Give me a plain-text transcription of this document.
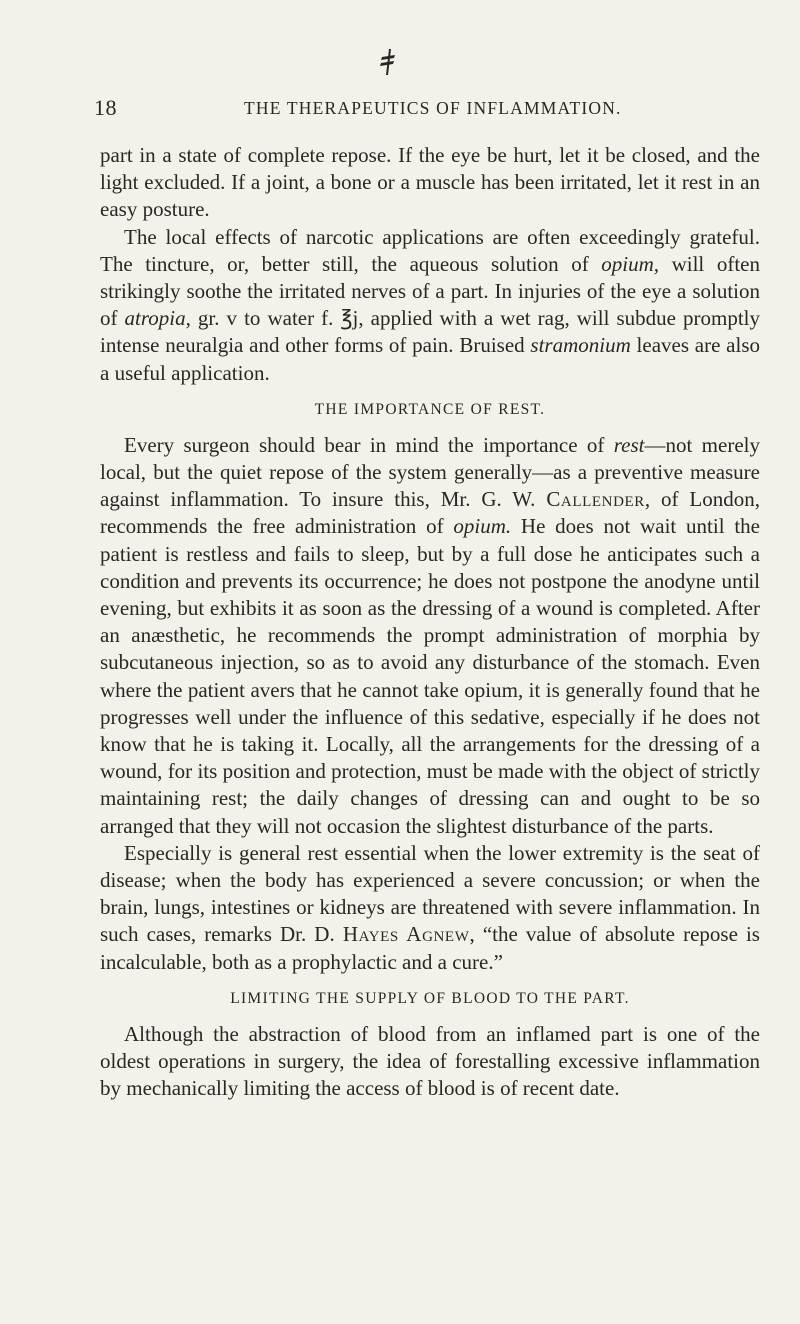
18	THE THERAPEUTICS OF INFLAMMATION.

part in a state of complete repose. If the eye be hurt, let it be closed, and the light excluded. If a joint, a bone or a muscle has been irritated, let it rest in an easy posture.

The local effects of narcotic applications are often exceedingly grateful. The tincture, or, better still, the aqueous solution of opium, will often strikingly soothe the irritated nerves of a part. In injuries of the eye a solution of atropia, gr. v to water f. ℥j, applied with a wet rag, will subdue promptly intense neuralgia and other forms of pain. Bruised stramonium leaves are also a useful application.

THE IMPORTANCE OF REST.

Every surgeon should bear in mind the importance of rest—not merely local, but the quiet repose of the system generally—as a preventive measure against inflammation. To insure this, Mr. G. W. Callender, of London, recommends the free administration of opium. He does not wait until the patient is restless and fails to sleep, but by a full dose he anticipates such a condition and prevents its occurrence; he does not postpone the anodyne until evening, but exhibits it as soon as the dressing of a wound is completed. After an anæsthetic, he recommends the prompt administration of morphia by subcutaneous injection, so as to avoid any disturbance of the stomach. Even where the patient avers that he cannot take opium, it is generally found that he progresses well under the influence of this sedative, especially if he does not know that he is taking it. Locally, all the arrangements for the dressing of a wound, for its position and protection, must be made with the object of strictly maintaining rest; the daily changes of dressing can and ought to be so arranged that they will not occasion the slightest disturbance of the parts.

Especially is general rest essential when the lower extremity is the seat of disease; when the body has experienced a severe concussion; or when the brain, lungs, intestines or kidneys are threatened with severe inflammation. In such cases, remarks Dr. D. Hayes Agnew, “the value of absolute repose is incalculable, both as a prophylactic and a cure.”

LIMITING THE SUPPLY OF BLOOD TO THE PART.

Although the abstraction of blood from an inflamed part is one of the oldest operations in surgery, the idea of forestalling excessive inflammation by mechanically limiting the access of blood is of recent date.
